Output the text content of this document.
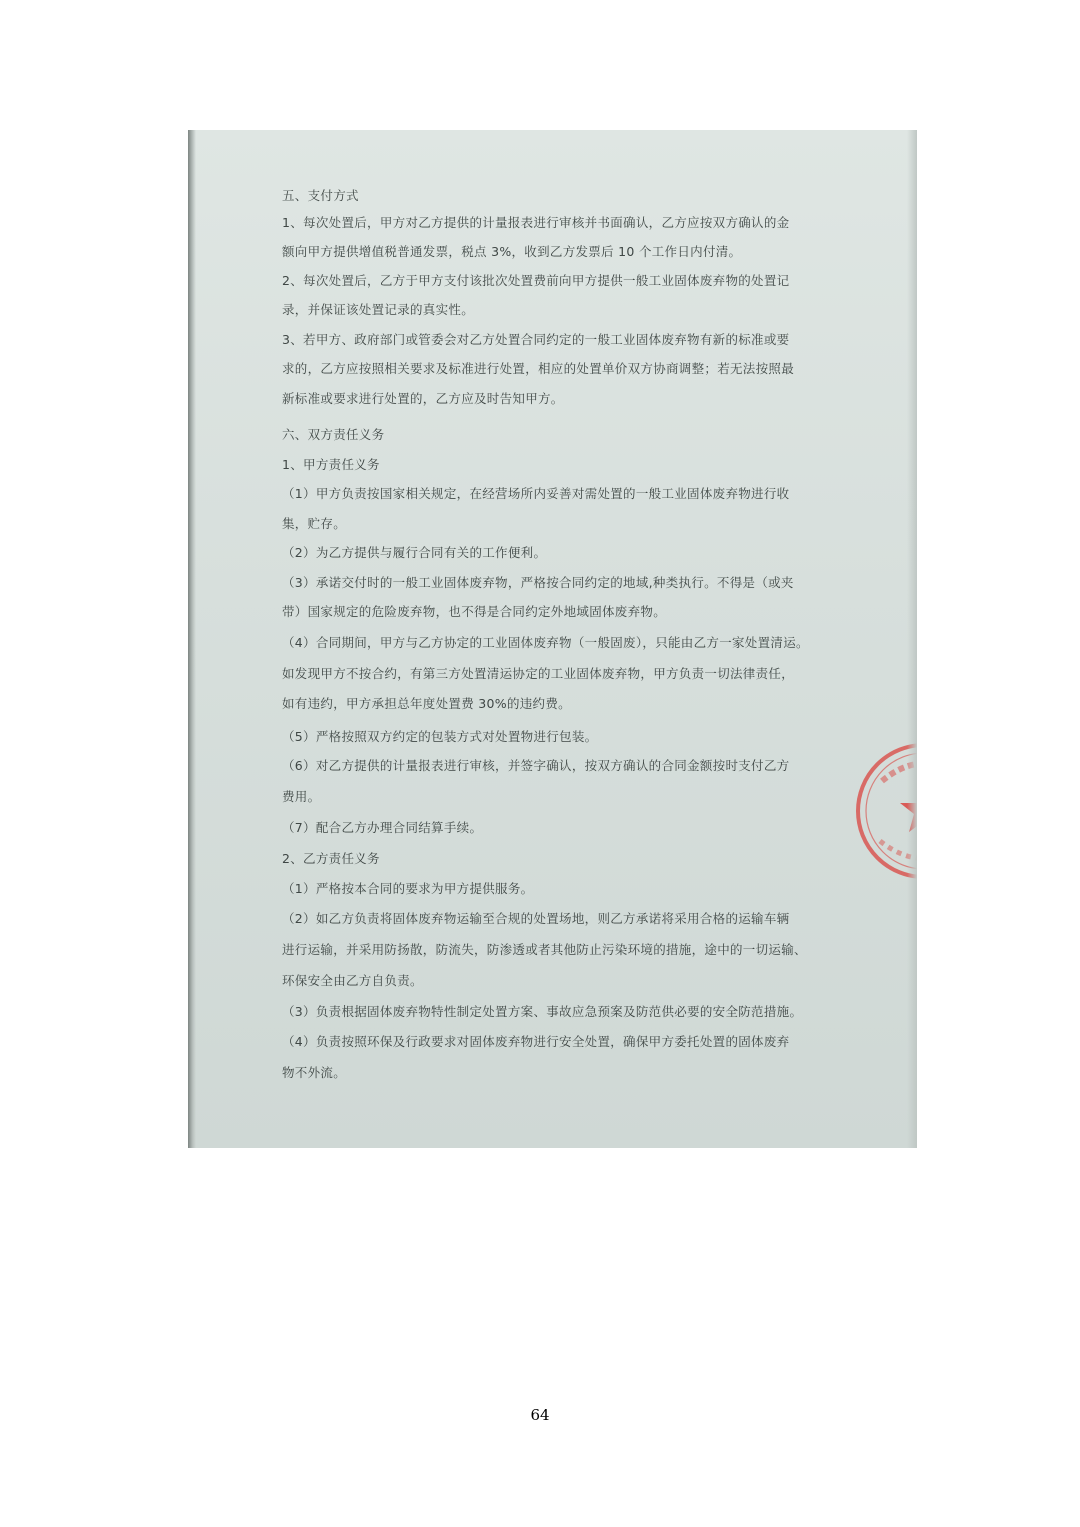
五、支付方式

1、每次处置后，甲方对乙方提供的计量报表进行审核并书面确认，乙方应按双方确认的金

额向甲方提供增值税普通发票，税点 3%，收到乙方发票后 10 个工作日内付清。

2、每次处置后，乙方于甲方支付该批次处置费前向甲方提供一般工业固体废弃物的处置记

录，并保证该处置记录的真实性。

3、若甲方、政府部门或管委会对乙方处置合同约定的一般工业固体废弃物有新的标准或要

求的，乙方应按照相关要求及标准进行处置，相应的处置单价双方协商调整；若无法按照最

新标准或要求进行处置的，乙方应及时告知甲方。

六、双方责任义务

1、甲方责任义务

（1）甲方负责按国家相关规定，在经营场所内妥善对需处置的一般工业固体废弃物进行收

集，贮存。

（2）为乙方提供与履行合同有关的工作便利。

（3）承诺交付时的一般工业固体废弃物，严格按合同约定的地域,种类执行。不得是（或夹

带）国家规定的危险废弃物，也不得是合同约定外地域固体废弃物。

（4）合同期间，甲方与乙方协定的工业固体废弃物（一般固废），只能由乙方一家处置清运。

如发现甲方不按合约，有第三方处置清运协定的工业固体废弃物，甲方负责一切法律责任，

如有违约，甲方承担总年度处置费 30%的违约费。

（5）严格按照双方约定的包装方式对处置物进行包装。

（6）对乙方提供的计量报表进行审核，并签字确认，按双方确认的合同金额按时支付乙方

费用。

（7）配合乙方办理合同结算手续。

2、乙方责任义务

（1）严格按本合同的要求为甲方提供服务。

（2）如乙方负责将固体废弃物运输至合规的处置场地，则乙方承诺将采用合格的运输车辆

进行运输，并采用防扬散，防流失，防渗透或者其他防止污染环境的措施，途中的一切运输、

环保安全由乙方自负责。

（3）负责根据固体废弃物特性制定处置方案、事故应急预案及防范供必要的安全防范措施。

（4）负责按照环保及行政要求对固体废弃物进行安全处置，确保甲方委托处置的固体废弃

物不外流。

64
